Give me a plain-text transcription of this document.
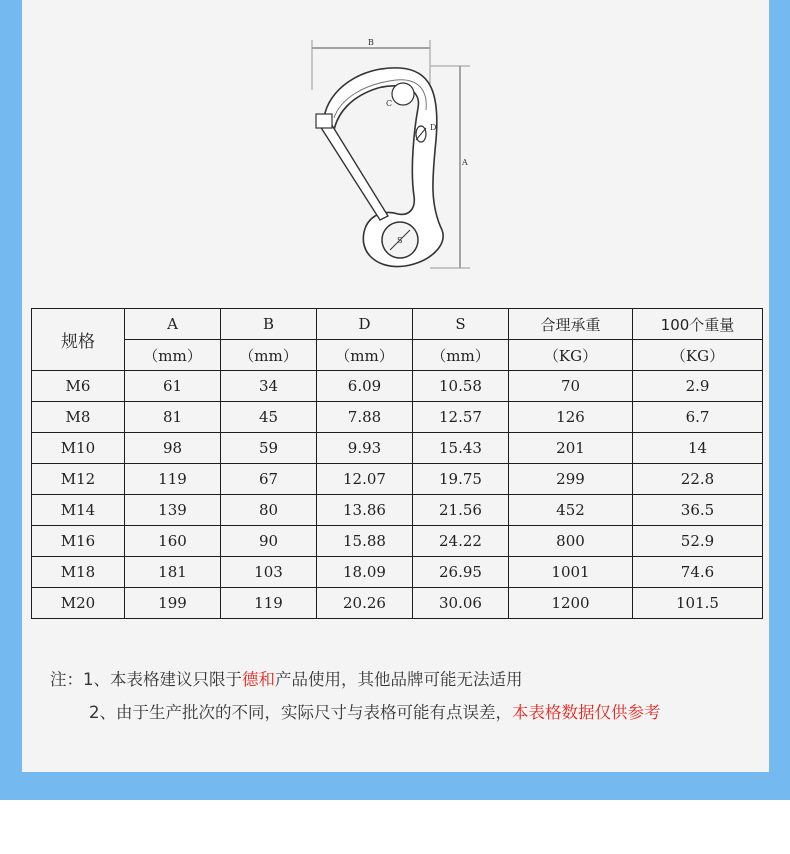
B
A
C
D
S
规格	A	B	D	S	合理承重	100个重量
	（mm）	（mm）	（mm）	（mm）	（KG）	（KG）
M6	61	34	6.09	10.58	70	2.9
M8	81	45	7.88	12.57	126	6.7
M10	98	59	9.93	15.43	201	14
M12	119	67	12.07	19.75	299	22.8
M14	139	80	13.86	21.56	452	36.5
M16	160	90	15.88	24.22	800	52.9
M18	181	103	18.09	26.95	1001	74.6
M20	199	119	20.26	30.06	1200	101.5
注：1、本表格建议只限于德和产品使用，其他品牌可能无法适用
2、由于生产批次的不同，实际尺寸与表格可能有点误差，本表格数据仅供参考
